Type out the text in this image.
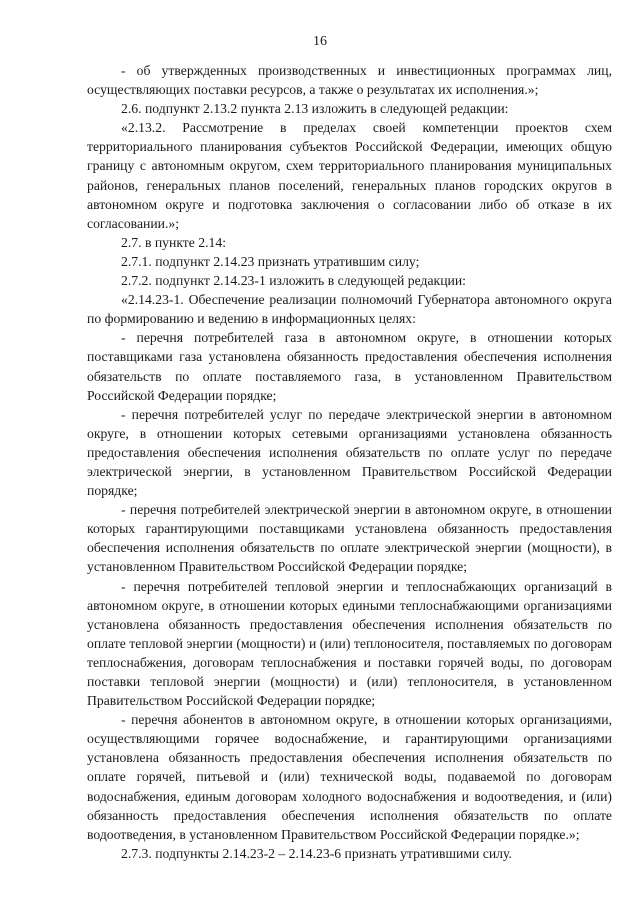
16

- об утвержденных производственных и инвестиционных программах лиц, осуществляющих поставки ресурсов, а также о результатах их исполнения.»;

2.6. подпункт 2.13.2 пункта 2.13 изложить в следующей редакции:

«2.13.2. Рассмотрение в пределах своей компетенции проектов схем территориального планирования субъектов Российской Федерации, имеющих общую границу с автономным округом, схем территориального планирования муниципальных районов, генеральных планов поселений, генеральных планов городских округов в автономном округе и подготовка заключения о согласовании либо об отказе в их согласовании.»;

2.7. в пункте 2.14:

2.7.1. подпункт 2.14.23 признать утратившим силу;

2.7.2. подпункт 2.14.23-1 изложить в следующей редакции:

«2.14.23-1. Обеспечение реализации полномочий Губернатора автономного округа по формированию и ведению в информационных целях:

- перечня потребителей газа в автономном округе, в отношении которых поставщиками газа установлена обязанность предоставления обеспечения исполнения обязательств по оплате поставляемого газа, в установленном Правительством Российской Федерации порядке;

- перечня потребителей услуг по передаче электрической энергии в автономном округе, в отношении которых сетевыми организациями установлена обязанность предоставления обеспечения исполнения обязательств по оплате услуг по передаче электрической энергии, в установленном Правительством Российской Федерации порядке;

- перечня потребителей электрической энергии в автономном округе, в отношении которых гарантирующими поставщиками установлена обязанность предоставления обеспечения исполнения обязательств по оплате электрической энергии (мощности), в установленном Правительством Российской Федерации порядке;

- перечня потребителей тепловой энергии и теплоснабжающих организаций в автономном округе, в отношении которых едиными теплоснабжающими организациями установлена обязанность предоставления обеспечения исполнения обязательств по оплате тепловой энергии (мощности) и (или) теплоносителя, поставляемых по договорам теплоснабжения, договорам теплоснабжения и поставки горячей воды, по договорам поставки тепловой энергии (мощности) и (или) теплоносителя, в установленном Правительством Российской Федерации порядке;

- перечня абонентов в автономном округе, в отношении которых организациями, осуществляющими горячее водоснабжение, и гарантирующими организациями установлена обязанность предоставления обеспечения исполнения обязательств по оплате горячей, питьевой и (или) технической воды, подаваемой по договорам водоснабжения, единым договорам холодного водоснабжения и водоотведения, и (или) обязанность предоставления обеспечения исполнения обязательств по оплате водоотведения, в установленном Правительством Российской Федерации порядке.»;

2.7.3. подпункты 2.14.23-2 – 2.14.23-6 признать утратившими силу.
